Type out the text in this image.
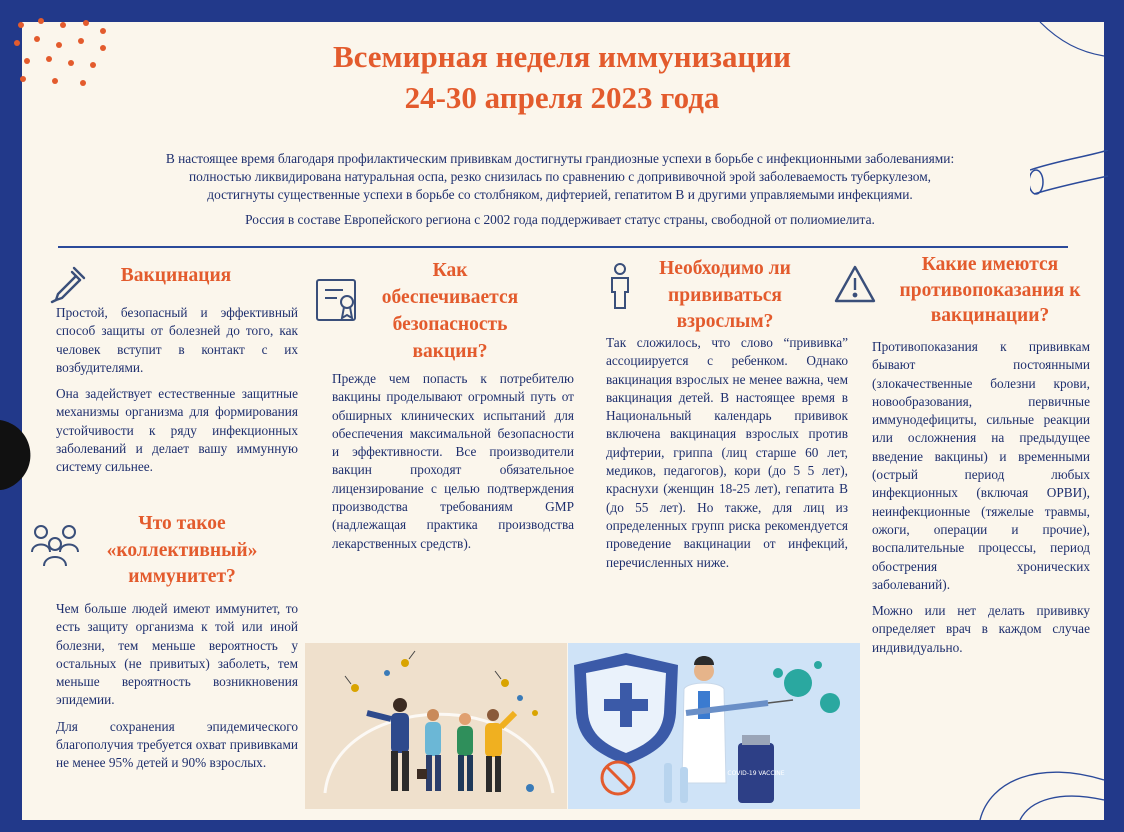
Всемирная неделя иммунизации
24-30 апреля 2023 года
В настоящее время благодаря профилактическим прививкам достигнуты грандиозные успехи в борьбе с инфекционными заболеваниями:
полностью ликвидирована натуральная оспа, резко снизилась по сравнению с допрививочной эрой заболеваемость туберкулезом,
достигнуты существенные успехи в борьбе со столбняком, дифтерией, гепатитом В и другими управляемыми инфекциями.
Россия в составе Европейского региона с 2002 года поддерживает статус страны, свободной от полиомиелита.
Вакцинация

Простой, безопасный и эффективный способ защиты от болезней до того, как человек вступит в контакт с их возбудителями.

Она задействует естественные защитные механизмы организма для формирования устойчивости к ряду инфекционных заболеваний и делает вашу иммунную систему сильнее.

Что такое
«коллективный»
иммунитет?

Чем больше людей имеют иммунитет, то есть защиту организма к той или иной болезни, тем меньше вероятность у остальных (не привитых) заболеть, тем меньше вероятность возникновения эпидемии.

Для сохранения эпидемического благополучия требуется охват прививками не менее 95% детей и 90% взрослых.

Как
обеспечивается
безопасность
вакцин?

Прежде чем попасть к потребителю вакцины проделывают огромный путь от обширных клинических испытаний для обеспечения максимальной безопасности и эффективности. Все производители вакцин проходят обязательное лицензирование с целью подтверждения производства требованиям GMP (надлежащая практика производства лекарственных средств).

Необходимо ли
прививаться
взрослым?

Так сложилось, что слово “прививка” ассоциируется с ребенком. Однако вакцинация взрослых не менее важна, чем вакцинация детей. В настоящее время в Национальный календарь прививок включена вакцинация взрослых против дифтерии, гриппа (лиц старше 60 лет, медиков, педагогов), кори (до 5 5 лет), краснухи (женщин 18-25 лет), гепатита В (до 55 лет). Но также, для лиц из определенных групп риска рекомендуется проведение вакцинации от инфекций, перечисленных ниже.

Какие имеются
противопоказания к
вакцинации?

Противопоказания к прививкам бывают постоянными (злокачественные болезни крови, новообразования, первичные иммунодефициты, сильные реакции или осложнения на предыдущее введение вакцины) и временными (острый период любых инфекционных (включая ОРВИ), неинфекционные (тяжелые травмы, ожоги, операции и прочие), воспалительные процессы, период обострения хронических заболеваний).

Можно или нет делать прививку определяет врач в каждом случае индивидуально.

COVID-19 VACCINE
